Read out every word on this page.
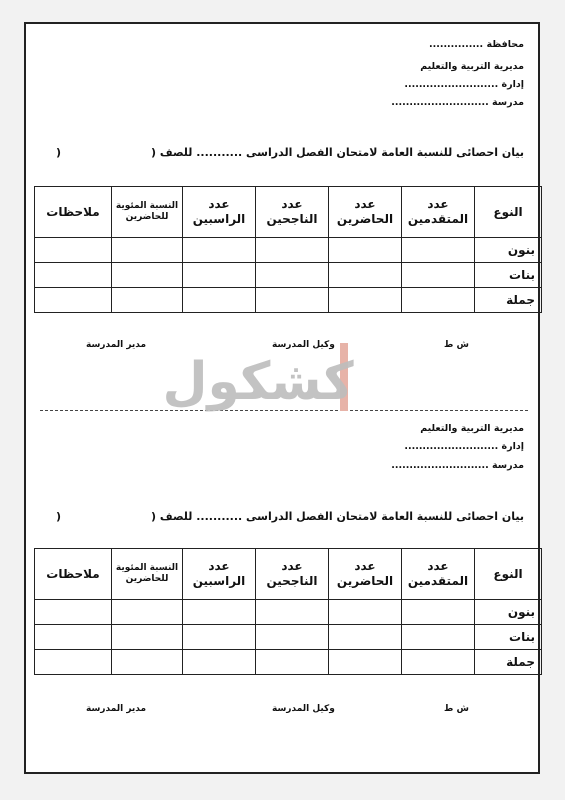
محافظة ...............
مديرية التربية والتعليم
إدارة ..........................
مدرسة ...........................
بيان احصائى للنسبة العامة لامتحان الفصل الدراسى ........... للصف (
)
النوع	عدد المتقدمين	عدد الحاضرين	عدد الناجحين	عدد الراسبين	النسبة المئوية للحاضرين	ملاحظات
بنون						
بنات						
جملة						
ش ط
وكيل المدرسة
مدير المدرسة
مديرية التربية والتعليم
إدارة ..........................
مدرسة ...........................
بيان احصائى للنسبة العامة لامتحان الفصل الدراسى ........... للصف (
)
النوع	عدد المتقدمين	عدد الحاضرين	عدد الناجحين	عدد الراسبين	النسبة المئوية للحاضرين	ملاحظات
بنون						
بنات						
جملة						
ش ط
وكيل المدرسة
مدير المدرسة
كشكول
